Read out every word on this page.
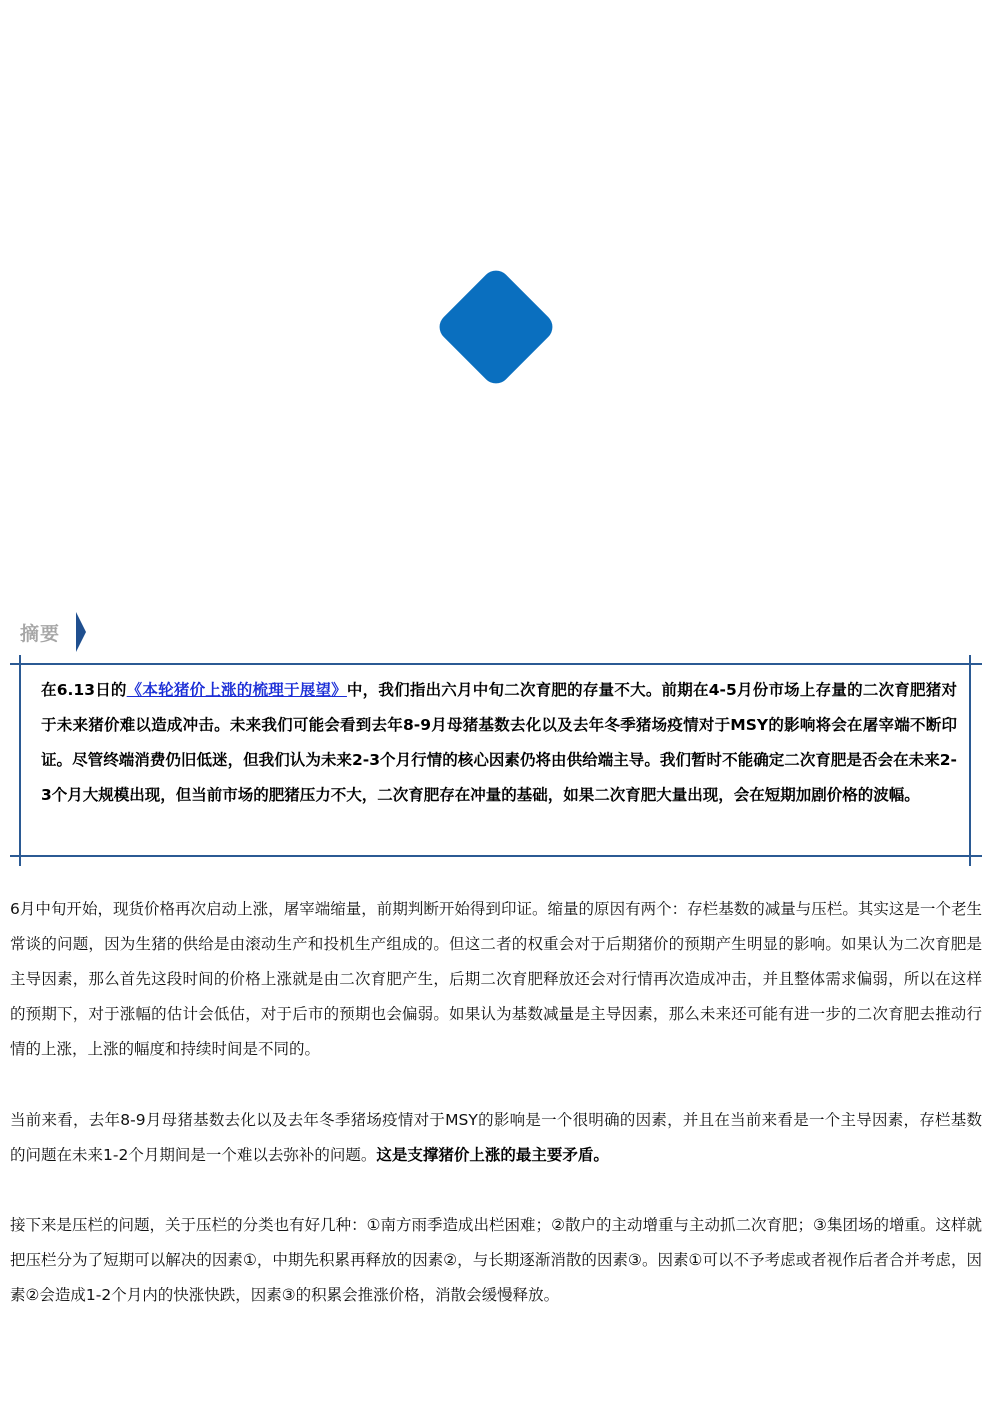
摘要
在6.13日的《本轮猪价上涨的梳理于展望》中，我们指出六月中旬二次育肥的存量不大。前期在4-5月份市场上存量的二次育肥猪对于未来猪价难以造成冲击。未来我们可能会看到去年8-9月母猪基数去化以及去年冬季猪场疫情对于MSY的影响将会在屠宰端不断印证。尽管终端消费仍旧低迷，但我们认为未来2-3个月行情的核心因素仍将由供给端主导。我们暂时不能确定二次育肥是否会在未来2-3个月大规模出现，但当前市场的肥猪压力不大，二次育肥存在冲量的基础，如果二次育肥大量出现，会在短期加剧价格的波幅。
6月中旬开始，现货价格再次启动上涨，屠宰端缩量，前期判断开始得到印证。缩量的原因有两个：存栏基数的减量与压栏。其实这是一个老生常谈的问题，因为生猪的供给是由滚动生产和投机生产组成的。但这二者的权重会对于后期猪价的预期产生明显的影响。如果认为二次育肥是主导因素，那么首先这段时间的价格上涨就是由二次育肥产生，后期二次育肥释放还会对行情再次造成冲击，并且整体需求偏弱，所以在这样的预期下，对于涨幅的估计会低估，对于后市的预期也会偏弱。如果认为基数减量是主导因素，那么未来还可能有进一步的二次育肥去推动行情的上涨，上涨的幅度和持续时间是不同的。
当前来看，去年8-9月母猪基数去化以及去年冬季猪场疫情对于MSY的影响是一个很明确的因素，并且在当前来看是一个主导因素，存栏基数的问题在未来1-2个月期间是一个难以去弥补的问题。这是支撑猪价上涨的最主要矛盾。
接下来是压栏的问题，关于压栏的分类也有好几种：①南方雨季造成出栏困难；②散户的主动增重与主动抓二次育肥；③集团场的增重。这样就把压栏分为了短期可以解决的因素①，中期先积累再释放的因素②，与长期逐渐消散的因素③。因素①可以不予考虑或者视作后者合并考虑，因素②会造成1-2个月内的快涨快跌，因素③的积累会推涨价格，消散会缓慢释放。
